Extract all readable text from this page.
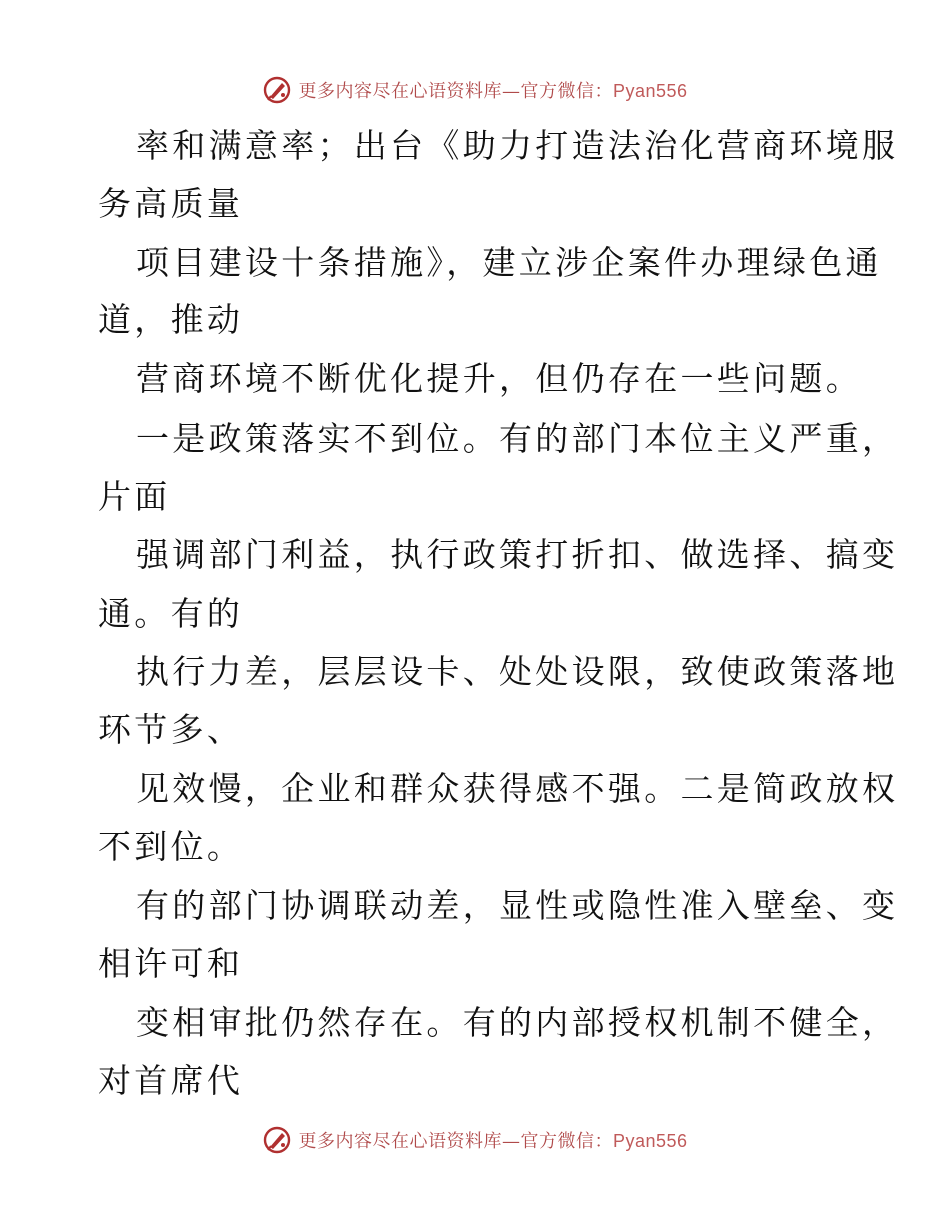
更多内容尽在心语资料库—官方微信：Pyan556
率和满意率；出台《助力打造法治化营商环境服
务高质量
项目建设十条措施》，建立涉企案件办理绿色通
道，推动
营商环境不断优化提升，但仍存在一些问题。
一是政策落实不到位。有的部门本位主义严重，
片面
强调部门利益，执行政策打折扣、做选择、搞变
通。有的
执行力差，层层设卡、处处设限，致使政策落地
环节多、
见效慢，企业和群众获得感不强。二是简政放权
不到位。
有的部门协调联动差，显性或隐性准入壁垒、变
相许可和
变相审批仍然存在。有的内部授权机制不健全，
对首席代
更多内容尽在心语资料库—官方微信：Pyan556
